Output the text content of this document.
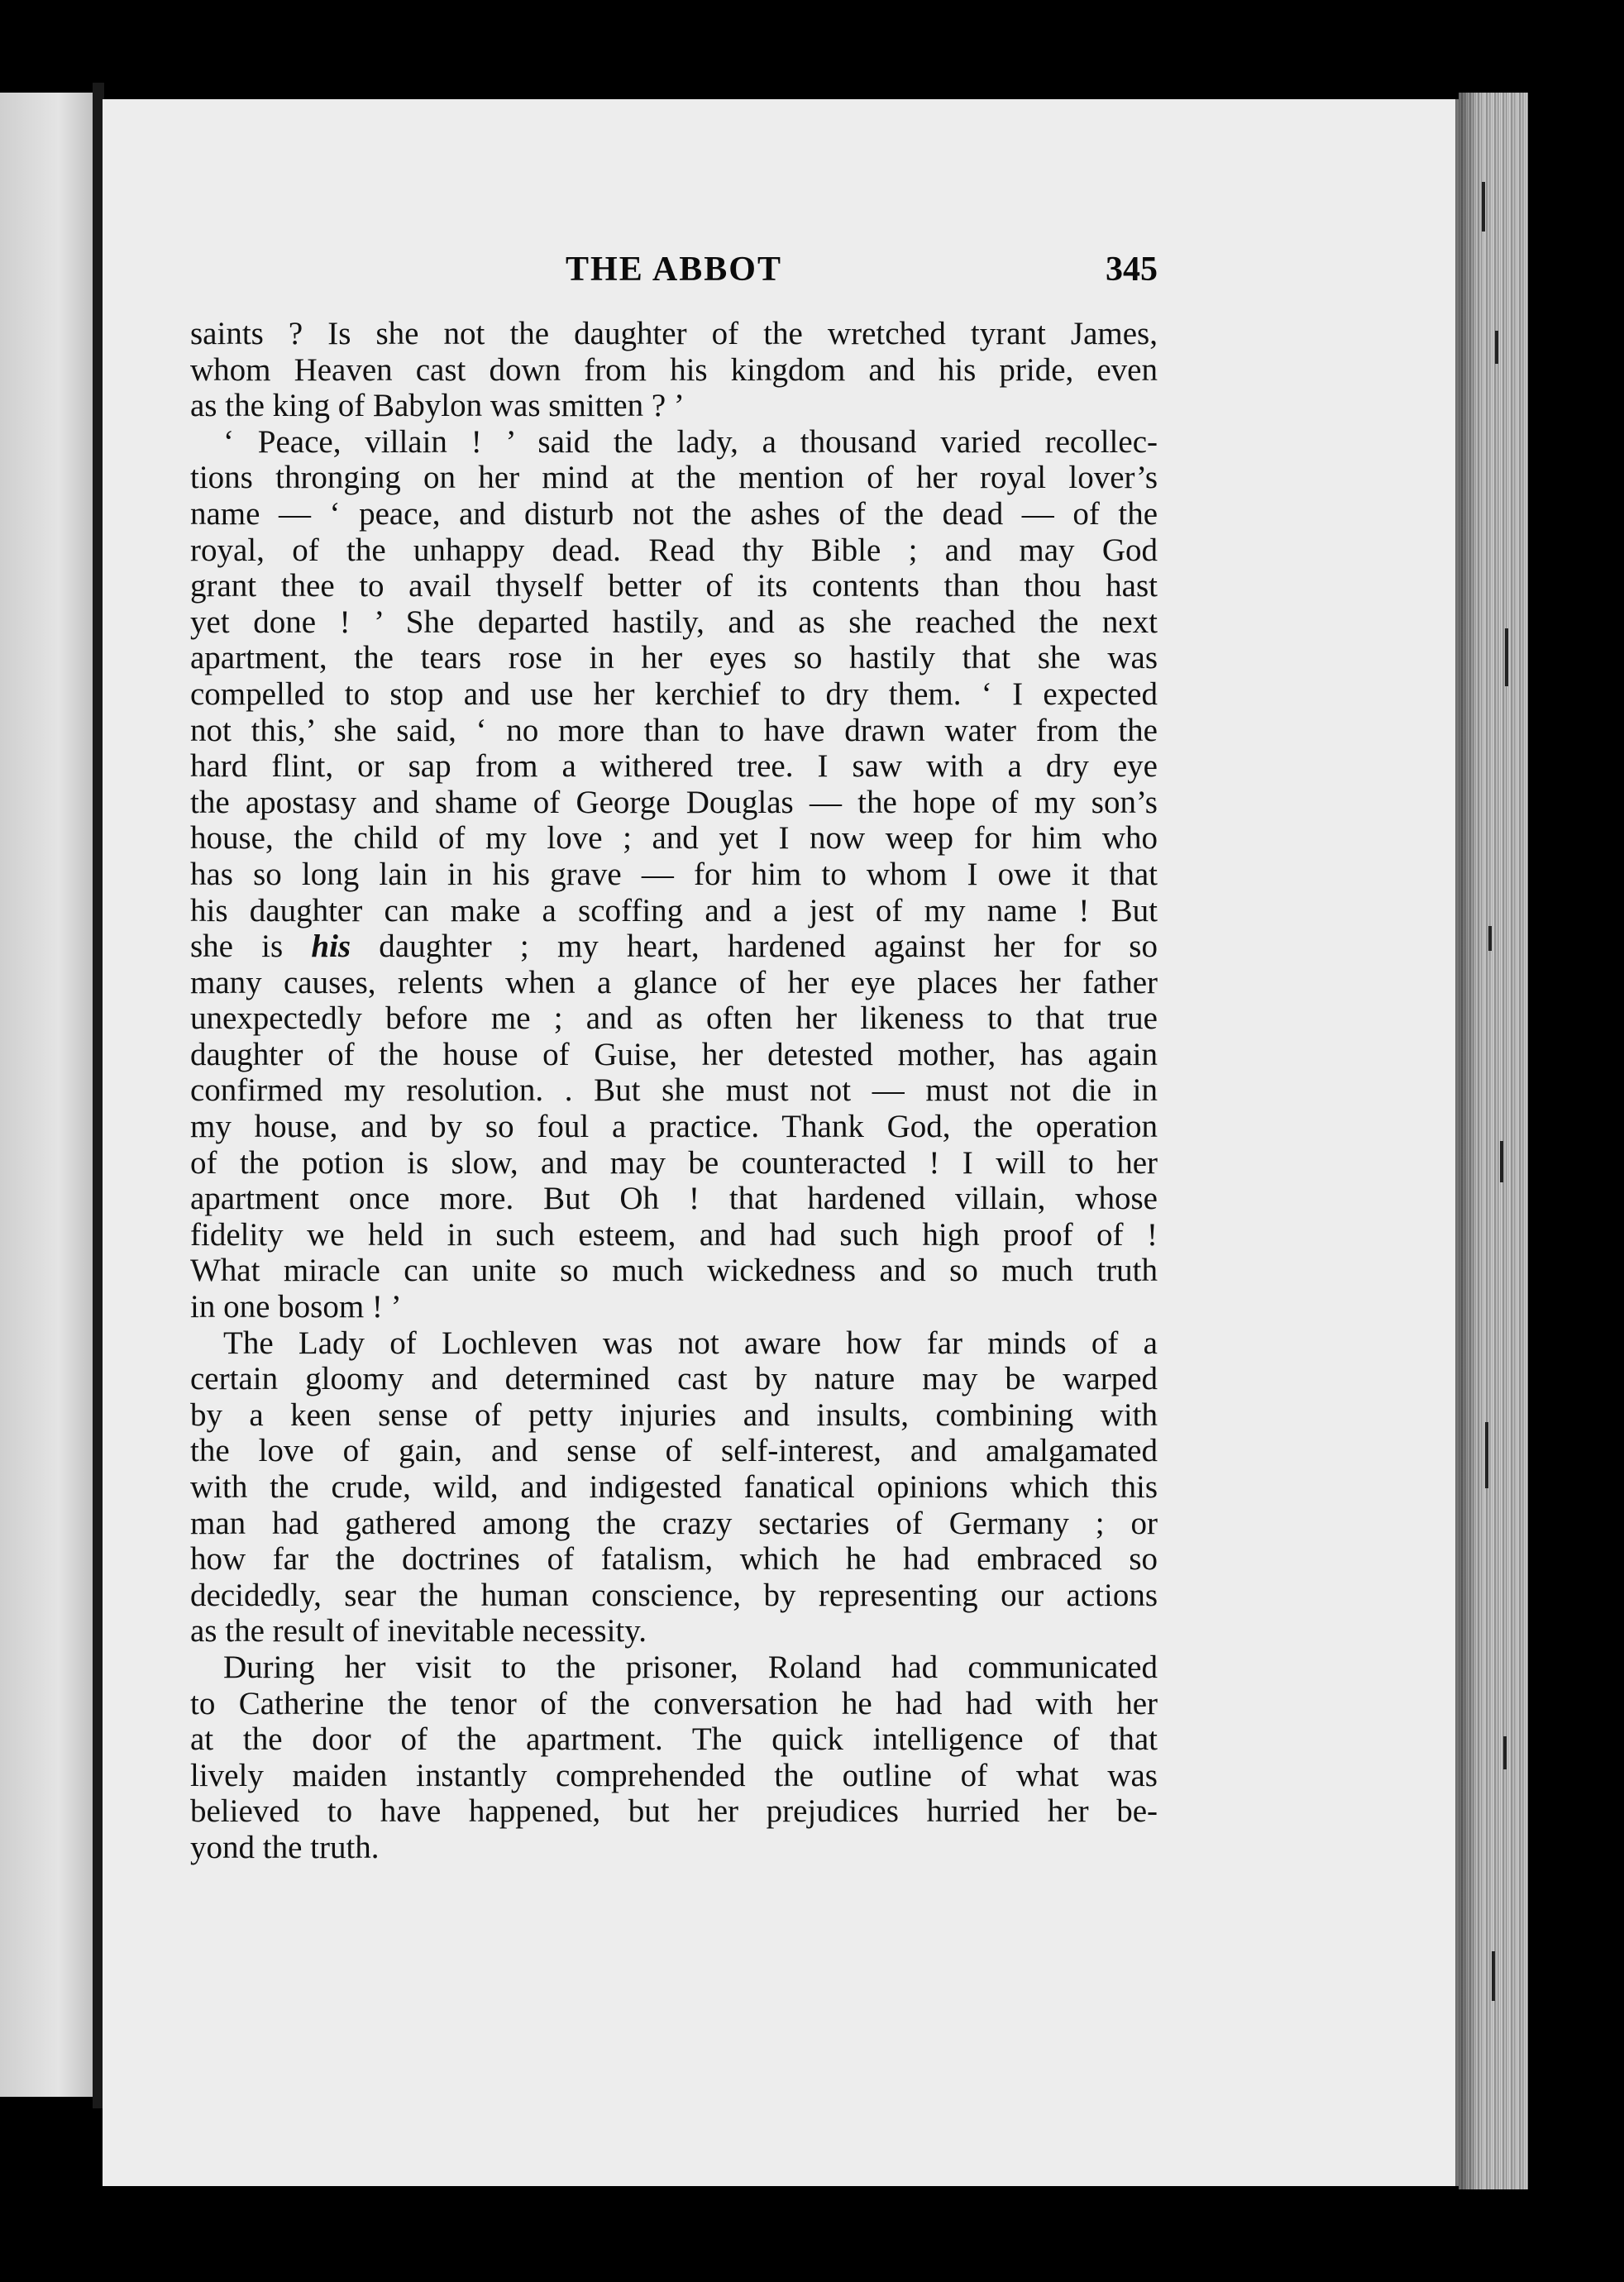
THE ABBOT	345
saints ? Is she not the daughter of the wretched tyrant James,
whom Heaven cast down from his kingdom and his pride, even
as the king of Babylon was smitten ? ’
‘ Peace, villain ! ’ said the lady, a thousand varied recollec-
tions thronging on her mind at the mention of her royal lover’s
name — ‘ peace, and disturb not the ashes of the dead — of the
royal, of the unhappy dead. Read thy Bible ; and may God
grant thee to avail thyself better of its contents than thou hast
yet done ! ’ She departed hastily, and as she reached the next
apartment, the tears rose in her eyes so hastily that she was
compelled to stop and use her kerchief to dry them. ‘ I expected
not this,’ she said, ‘ no more than to have drawn water from the
hard flint, or sap from a withered tree. I saw with a dry eye
the apostasy and shame of George Douglas — the hope of my son’s
house, the child of my love ; and yet I now weep for him who
has so long lain in his grave — for him to whom I owe it that
his daughter can make a scoffing and a jest of my name ! But
she is his daughter ; my heart, hardened against her for so
many causes, relents when a glance of her eye places her father
unexpectedly before me ; and as often her likeness to that true
daughter of the house of Guise, her detested mother, has again
confirmed my resolution. . But she must not — must not die in
my house, and by so foul a practice. Thank God, the operation
of the potion is slow, and may be counteracted ! I will to her
apartment once more. But Oh ! that hardened villain, whose
fidelity we held in such esteem, and had such high proof of !
What miracle can unite so much wickedness and so much truth
in one bosom ! ’
The Lady of Lochleven was not aware how far minds of a
certain gloomy and determined cast by nature may be warped
by a keen sense of petty injuries and insults, combining with
the love of gain, and sense of self-interest, and amalgamated
with the crude, wild, and indigested fanatical opinions which this
man had gathered among the crazy sectaries of Germany ; or
how far the doctrines of fatalism, which he had embraced so
decidedly, sear the human conscience, by representing our actions
as the result of inevitable necessity.
During her visit to the prisoner, Roland had communicated
to Catherine the tenor of the conversation he had had with her
at the door of the apartment. The quick intelligence of that
lively maiden instantly comprehended the outline of what was
believed to have happened, but her prejudices hurried her be-
yond the truth.
